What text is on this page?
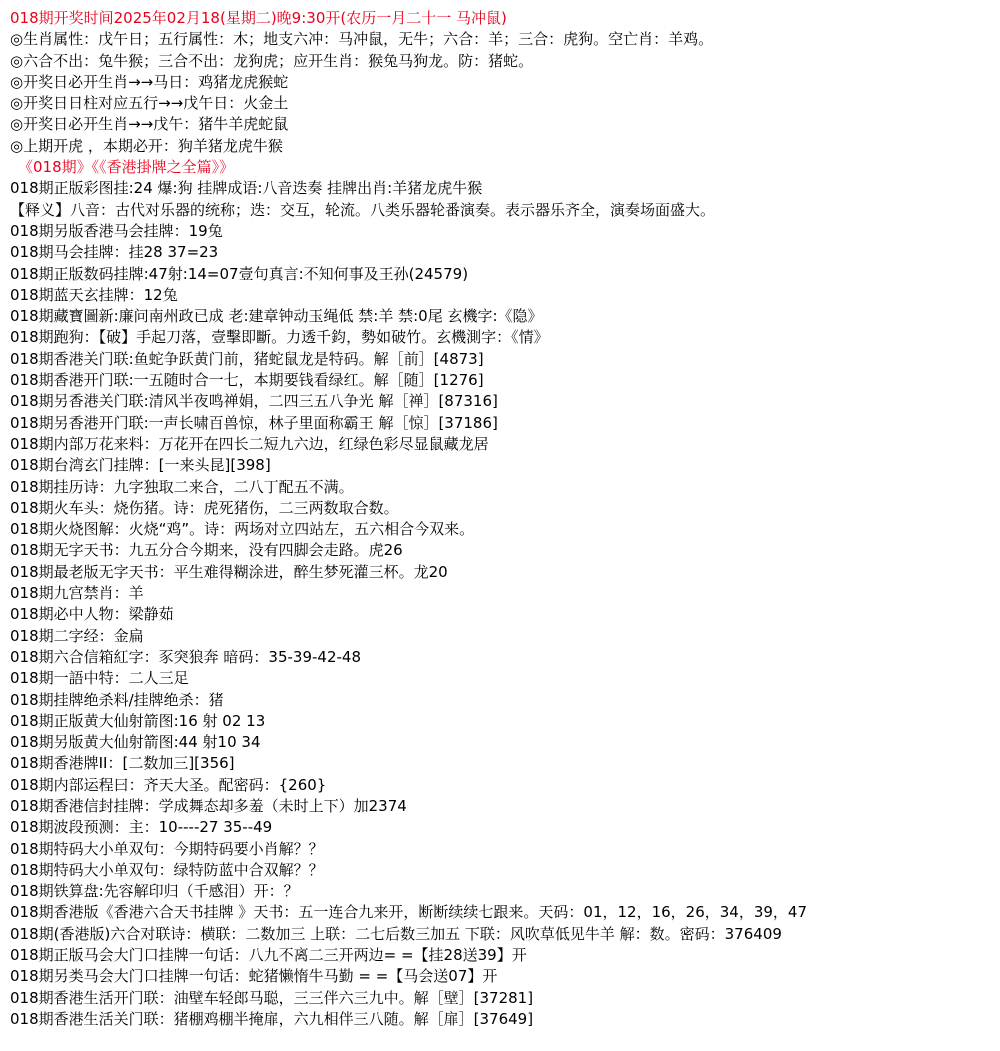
018期开奖时间2025年02月18(星期二)晚9:30开(农历一月二十一 马冲鼠)
◎生肖属性：戊午日；五行属性：木；地支六冲：马冲鼠，无牛；六合：羊；三合：虎狗。空亡肖：羊鸡。
◎六合不出：兔牛猴；三合不出：龙狗虎；应开生肖：猴兔马狗龙。防：猪蛇。
◎开奖日必开生肖→→马日：鸡猪龙虎猴蛇
◎开奖日日柱对应五行→→戊午日：火金土
◎开奖日必开生肖→→戊午：猪牛羊虎蛇鼠
◎上期开虎 ，本期必开：狗羊猪龙虎牛猴
《018期》《《香港掛牌之全篇》》
018期正版彩图挂:24 爆:狗 挂牌成语:八音迭奏 挂牌出肖:羊猪龙虎牛猴
【释义】八音：古代对乐器的统称；迭：交互，轮流。八类乐器轮番演奏。表示器乐齐全，演奏场面盛大。
018期另版香港马会挂牌：19兔
018期马会挂牌：挂28 37=23
018期正版数码挂牌:47射:14=07壹句真言:不知何事及王孙(24579)
018期蓝天玄挂牌：12兔
018期藏寶圖新:廉问南州政已成 老:建章钟动玉绳低 禁:羊 禁:0尾 玄機字:《隐》
018期跑狗：【破】手起刀落，壹擊即斷。力透千鈞，勢如破竹。玄機測字：《情》
018期香港关门联:鱼蛇争跃黄门前，猪蛇鼠龙是特码。解［前］[4873]
018期香港开门联:一五随时合一七，本期要钱看绿红。解［随］[1276]
018期另香港关门联:清风半夜鸣禅娟，二四三五八争光 解［禅］[87316]
018期另香港开门联:一声长啸百兽惊，林子里面称霸王 解［惊］[37186]
018期内部万花来料：万花开在四长二短九六边，红绿色彩尽显鼠藏龙居
018期台湾玄门挂牌：[一来头昆][398]
018期挂历诗：九字独取二来合，二八丁配五不满。
018期火车头：烧伤猪。诗：虎死猪伤，二三两数取合数。
018期火烧图解：火烧“鸡”。诗：两场对立四站左，五六相合今双来。
018期无字天书：九五分合今期来，没有四脚会走路。虎26
018期最老版无字天书：平生难得糊涂进，醉生梦死灌三杯。龙20
018期九宫禁肖：羊
018期必中人物：梁静茹
018期二字经：金扁
018期六合信箱紅字：豕突狼奔 暗码：35-39-42-48
018期一語中特：二人三足
018期挂牌绝杀料/挂牌绝杀：猪
018期正版黄大仙射箭图:16 射 02 13
018期另版黄大仙射箭图:44 射10 34
018期香港牌II：[二数加三][356]
018期内部运程曰：齐天大圣。配密码：{260}
018期香港信封挂牌：学成舞态却多羞（未时上下）加2374
018期波段预测：主：10----27 35--49
018期特码大小单双句：今期特码要小肖解？？
018期特码大小单双句：绿特防蓝中合双解？？
018期铁算盘:先容解印归（千感泪）开：？
018期香港版《香港六合天书挂牌 》天书：五一连合九来开，断断续续七跟来。天码：01，12，16，26，34，39，47
018期(香港版)六合对联诗：横联：二数加三 上联：二七后数三加五 下联：风吹草低见牛羊 解：数。密码：376409
018期正版马会大门口挂牌一句话：八九不离二三开两边= =【挂28送39】开
018期另类马会大门口挂牌一句话：蛇猪懒惰牛马勤 = =【马会送07】开
018期香港生活开门联：油壁车轻郎马聪，三三伴六三九中。解［壁］[37281]
018期香港生活关门联：猪棚鸡棚半掩扉，六九相伴三八随。解［扉］[37649]
